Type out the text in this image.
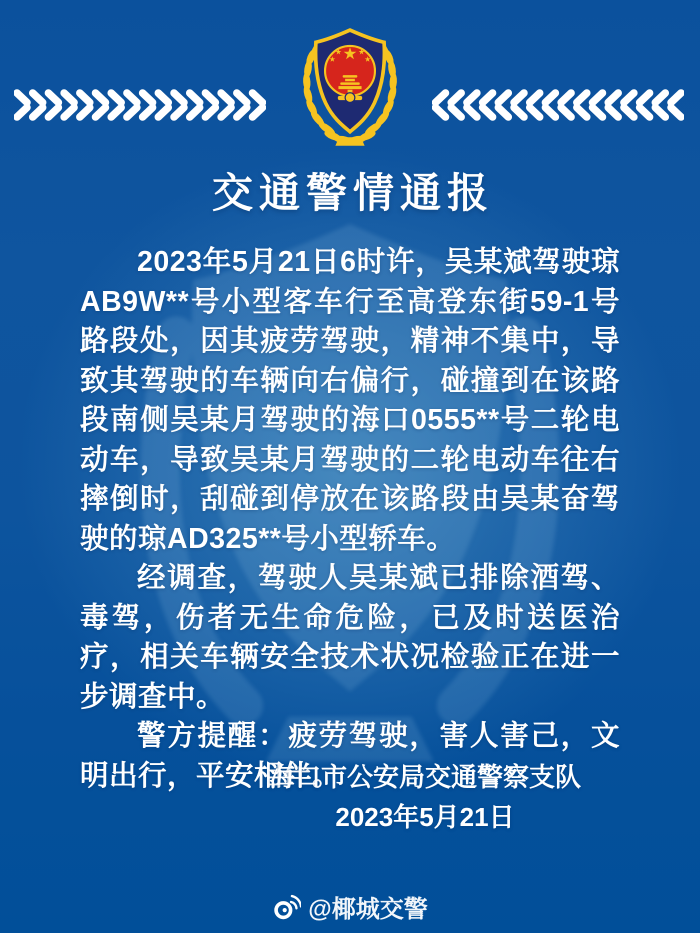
交通警情通报

2023年5月21日6时许，吴某斌驾驶琼AB9W**号小型客车行至高登东街59-1号路段处，因其疲劳驾驶，精神不集中，导致其驾驶的车辆向右偏行，碰撞到在该路段南侧吴某月驾驶的海口0555**号二轮电动车，导致吴某月驾驶的二轮电动车往右摔倒时，刮碰到停放在该路段由吴某奋驾驶的琼AD325**号小型轿车。

经调查，驾驶人吴某斌已排除酒驾、毒驾，伤者无生命危险，已及时送医治疗，相关车辆安全技术状况检验正在进一步调查中。

警方提醒：疲劳驾驶，害人害己，文明出行，平安相伴。

海口市公安局交通警察支队
2023年5月21日
@椰城交警
